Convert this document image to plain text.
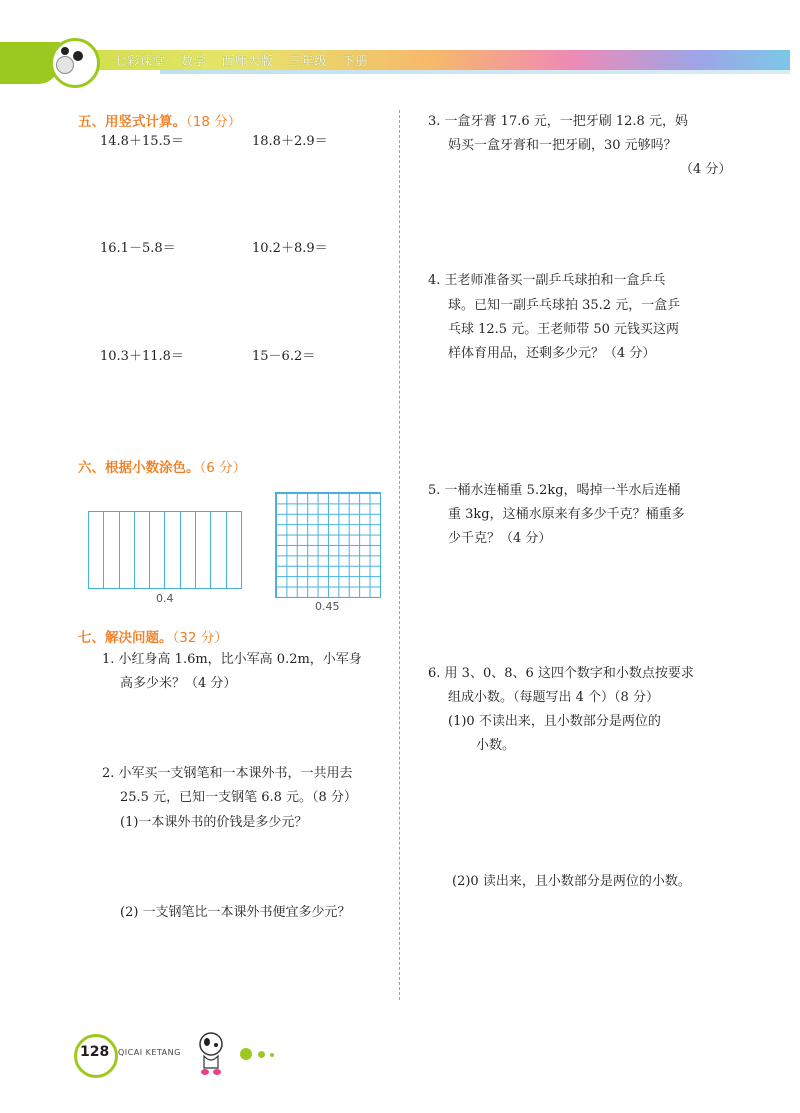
七彩课堂 数学 西师大版 三年级 下册
五、用竖式计算。（18 分）
14.8＋15.5＝	18.8＋2.9＝
16.1－5.8＝	10.2＋8.9＝
10.3＋11.8＝	15－6.2＝
六、根据小数涂色。（6 分）
0.4
0.45
七、解决问题。（32 分）
1. 小红身高 1.6m，比小军高 0.2m，小军身
高多少米？（4 分）
2. 小军买一支钢笔和一本课外书，一共用去
25.5 元，已知一支钢笔 6.8 元。（8 分）
(1)一本课外书的价钱是多少元？
(2) 一支钢笔比一本课外书便宜多少元？
3. 一盒牙膏 17.6 元，一把牙刷 12.8 元，妈
妈买一盒牙膏和一把牙刷，30 元够吗？
（4 分）
4. 王老师准备买一副乒乓球拍和一盒乒乓
球。已知一副乒乓球拍 35.2 元，一盒乒
乓球 12.5 元。王老师带 50 元钱买这两
样体育用品，还剩多少元？（4 分）
5. 一桶水连桶重 5.2kg，喝掉一半水后连桶
重 3kg，这桶水原来有多少千克？桶重多
少千克？（4 分）
6. 用 3、0、8、6 这四个数字和小数点按要求
组成小数。（每题写出 4 个）（8 分）
(1)0 不读出来，且小数部分是两位的
小数。
(2)0 读出来，且小数部分是两位的小数。
128 QICAI KETANG
